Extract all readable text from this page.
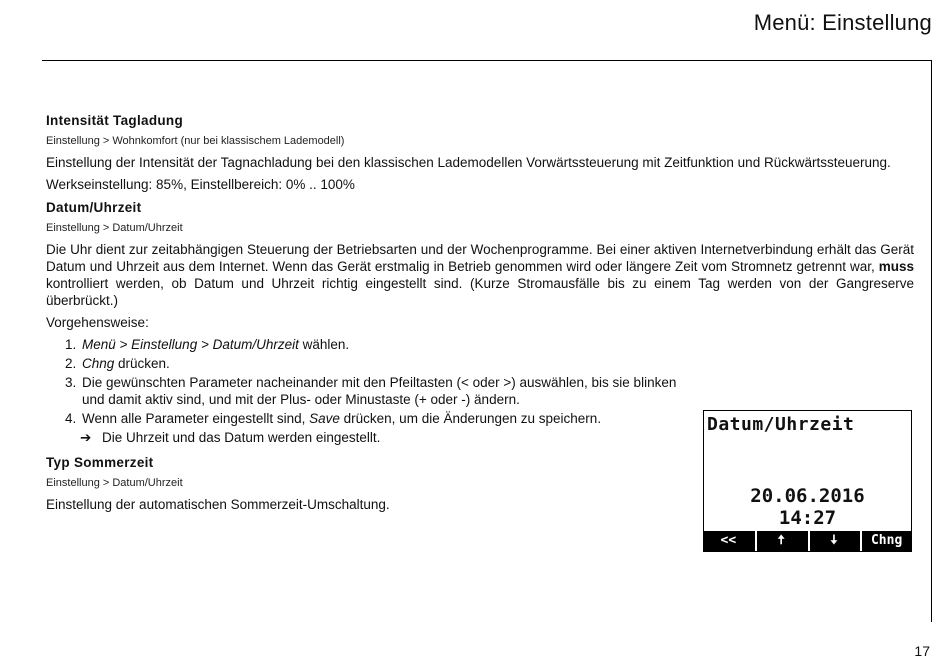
Menü: Einstellung
Intensität Tagladung
Einstellung > Wohnkomfort (nur bei klassischem Lademodell)

Einstellung der Intensität der Tagnachladung bei den klassischen Lademodellen Vorwärtssteuerung mit Zeitfunktion und Rückwärtssteuerung.

Werkseinstellung: 85%, Einstellbereich: 0% .. 100%

Datum/Uhrzeit
Einstellung > Datum/Uhrzeit

Die Uhr dient zur zeitabhängigen Steuerung der Betriebsarten und der Wochenprogramme. Bei einer aktiven Internetverbindung erhält das Gerät Datum und Uhrzeit aus dem Internet. Wenn das Gerät erstmalig in Betrieb genommen wird oder längere Zeit vom Stromnetz getrennt war, muss kontrolliert werden, ob Datum und Uhrzeit richtig eingestellt sind. (Kurze Stromausfälle bis zu einem Tag werden von der Gangreserve überbrückt.)

Vorgehensweise:

1. Menü > Einstellung > Datum/Uhrzeit wählen.
2. Chng drücken.
3. Die gewünschten Parameter nacheinander mit den Pfeiltasten (< oder >) auswählen, bis sie blinken und damit aktiv sind, und mit der Plus- oder Minustaste (+ oder -) ändern.
4. Wenn alle Parameter eingestellt sind, Save drücken, um die Änderungen zu speichern.
➔ Die Uhrzeit und das Datum werden eingestellt.
Typ Sommerzeit
Einstellung > Datum/Uhrzeit

Einstellung der automatischen Sommerzeit-Umschaltung.

Datum/Uhrzeit
20.06.2016
14:27
<<	🠅	🠇	Chng
17
